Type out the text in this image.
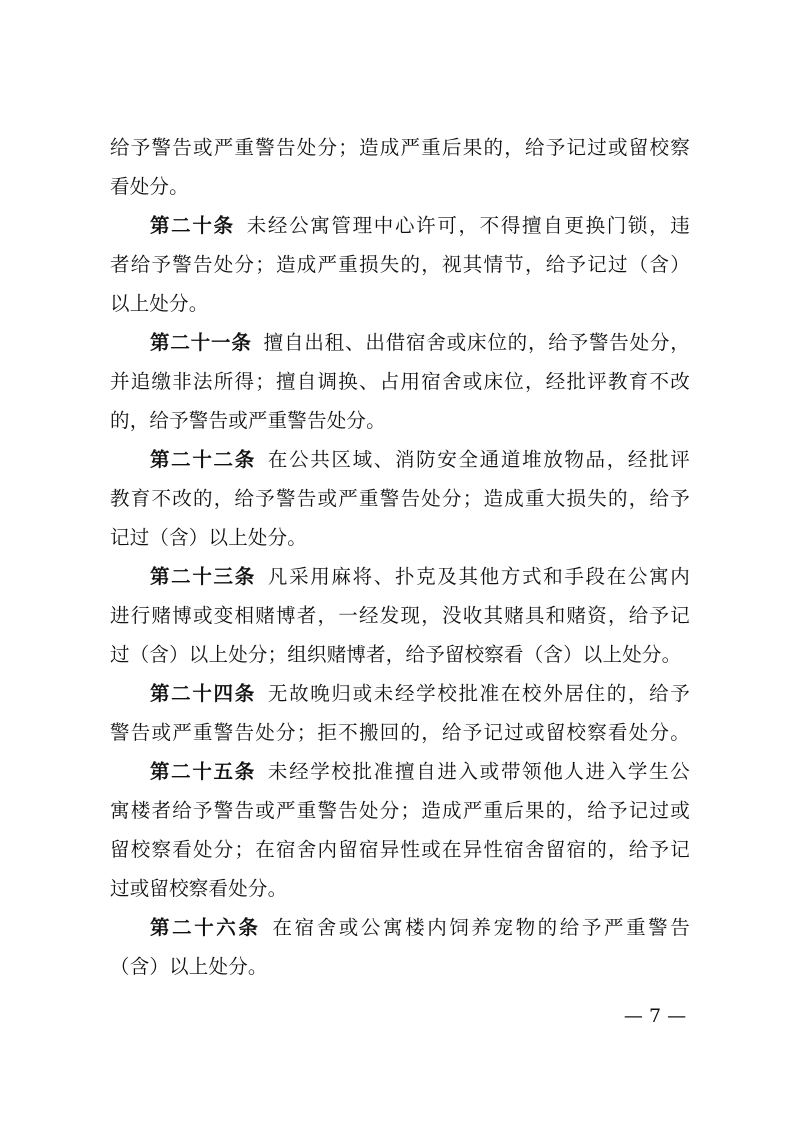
给予警告或严重警告处分；造成严重后果的，给予记过或留校察
看处分。
第二十条 未经公寓管理中心许可，不得擅自更换门锁，违
者给予警告处分；造成严重损失的，视其情节，给予记过（含）
以上处分。
第二十一条 擅自出租、出借宿舍或床位的，给予警告处分，
并追缴非法所得；擅自调换、占用宿舍或床位，经批评教育不改
的，给予警告或严重警告处分。
第二十二条 在公共区域、消防安全通道堆放物品，经批评
教育不改的，给予警告或严重警告处分；造成重大损失的，给予
记过（含）以上处分。
第二十三条 凡采用麻将、扑克及其他方式和手段在公寓内
进行赌博或变相赌博者，一经发现，没收其赌具和赌资，给予记
过（含）以上处分；组织赌博者，给予留校察看（含）以上处分。
第二十四条 无故晚归或未经学校批准在校外居住的，给予
警告或严重警告处分；拒不搬回的，给予记过或留校察看处分。
第二十五条 未经学校批准擅自进入或带领他人进入学生公
寓楼者给予警告或严重警告处分；造成严重后果的，给予记过或
留校察看处分；在宿舍内留宿异性或在异性宿舍留宿的，给予记
过或留校察看处分。
第二十六条 在宿舍或公寓楼内饲养宠物的给予严重警告
（含）以上处分。
— 7 —
